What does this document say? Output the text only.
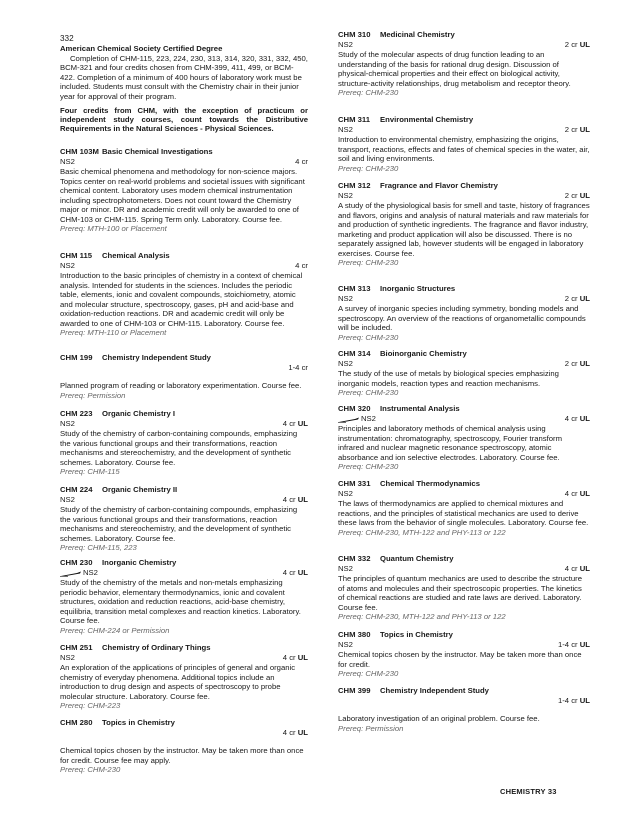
332
American Chemical Society Certified Degree
Completion of CHM-115, 223, 224, 230, 313, 314, 320, 331, 332, 450, BCM-321 and four credits chosen from CHM-399, 411, 499, or BCM-422. Completion of a minimum of 400 hours of laboratory work must be included. Students must consult with the Chemistry chair in their junior year for approval of their program.
Four credits from CHM, with the exception of practicum or independent study courses, count towards the Distributive Requirements in the Natural Sciences - Physical Sciences.
CHM 103M Basic Chemical Investigations
NS2	4 cr
Basic chemical phenomena and methodology for non-science majors. Topics center on real-world problems and societal issues with significant chemical content. Laboratory uses modern chemical instrumentation including spectrophotometers. Does not count toward the Chemistry major or minor. DR and academic credit will only be awarded to one of CHM-103 or CHM-115. Spring Term only. Laboratory. Course fee.
Prereq: MTH-100 or Placement
CHM 115 Chemical Analysis
NS2	4 cr
Introduction to the basic principles of chemistry in a context of chemical analysis. Intended for students in the sciences. Includes the periodic table, elements, ionic and covalent compounds, stoichiometry, atomic and molecular structure, spectroscopy, gases, pH and acid-base and oxidation-reduction reactions. DR and academic credit will only be awarded to one of CHM-103 or CHM-115. Laboratory. Course fee.
Prereq: MTH-110 or Placement
CHM 199 Chemistry Independent Study
1-4 cr
Planned program of reading or laboratory experimentation. Course fee.
Prereq: Permission
CHM 223 Organic Chemistry I
NS2	4 cr UL
Study of the chemistry of carbon-containing compounds, emphasizing the various functional groups and their transformations, reaction mechanisms and stereochemistry, and the development of synthetic schemes. Laboratory. Course fee.
Prereq: CHM-115
CHM 224 Organic Chemistry II
NS2	4 cr UL
Study of the chemistry of carbon-containing compounds, emphasizing the various functional groups and their transformations, reaction mechanisms and stereochemistry, and the development of synthetic schemes. Laboratory. Course fee.
Prereq: CHM-115, 223
CHM 230 Inorganic Chemistry
NS2	4 cr UL
Study of the chemistry of the metals and non-metals emphasizing periodic behavior, elementary thermodynamics, ionic and covalent structures, oxidation and reduction reactions, acid-base chemistry, equilibria, transition metal complexes and reaction kinetics. Laboratory. Course fee.
Prereq: CHM-224 or Permission
CHM 251 Chemistry of Ordinary Things
NS2	4 cr UL
An exploration of the applications of principles of general and organic chemistry of everyday phenomena. Additional topics include an introduction to drug design and aspects of spectroscopy to probe molecular structure. Laboratory. Course fee.
Prereq: CHM-223
CHM 280 Topics in Chemistry
4 cr UL
Chemical topics chosen by the instructor. May be taken more than once for credit. Course fee may apply.
Prereq: CHM-230
CHM 310 Medicinal Chemistry
NS2	2 cr UL
Study of the molecular aspects of drug function leading to an understanding of the basis for rational drug design. Discussion of physical-chemical properties and their effect on biological activity, structure-activity relationships, drug metabolism and receptor theory.
Prereq: CHM-230
CHM 311 Environmental Chemistry
NS2	2 cr UL
Introduction to environmental chemistry, emphasizing the origins, transport, reactions, effects and fates of chemical species in the water, air, soil and living environments.
Prereq: CHM-230
CHM 312 Fragrance and Flavor Chemistry
NS2	2 cr UL
A study of the physiological basis for smell and taste, history of fragrances and flavors, origins and analysis of natural materials and raw materials for and production of synthetic ingredients. The fragrance and flavor industry, marketing and product application will also be discussed. There is no separately assigned lab, however students will be engaged in laboratory exercises. Course fee.
Prereq: CHM-230
CHM 313 Inorganic Structures
NS2	2 cr UL
A survey of inorganic species including symmetry, bonding models and spectroscopy. An overview of the reactions of organometallic compounds will be included.
Prereq: CHM-230
CHM 314 Bioinorganic Chemistry
NS2	2 cr UL
The study of the use of metals by biological species emphasizing inorganic models, reaction types and reaction mechanisms.
Prereq: CHM-230
CHM 320 Instrumental Analysis
NS2	4 cr UL
Principles and laboratory methods of chemical analysis using instrumentation: chromatography, spectroscopy, Fourier transform infrared and nuclear magnetic resonance spectroscopy, atomic absorbance and ion selective electrodes. Laboratory. Course fee.
Prereq: CHM-230
CHM 331 Chemical Thermodynamics
NS2	4 cr UL
The laws of thermodynamics are applied to chemical mixtures and reactions, and the principles of statistical mechanics are used to derive these laws from the behavior of single molecules. Laboratory. Course fee.
Prereq: CHM-230, MTH-122 and PHY-113 or 122
CHM 332 Quantum Chemistry
NS2	4 cr UL
The principles of quantum mechanics are used to describe the structure of atoms and molecules and their spectroscopic properties. The kinetics of chemical reactions are studied and rate laws are derived. Laboratory. Course fee.
Prereq: CHM-230, MTH-122 and PHY-113 or 122
CHM 380 Topics in Chemistry
NS2	1-4 cr UL
Chemical topics chosen by the instructor. May be taken more than once for credit.
Prereq: CHM-230
CHM 399 Chemistry Independent Study
1-4 cr UL
Laboratory investigation of an original problem. Course fee.
Prereq: Permission
CHEMISTRY 33
